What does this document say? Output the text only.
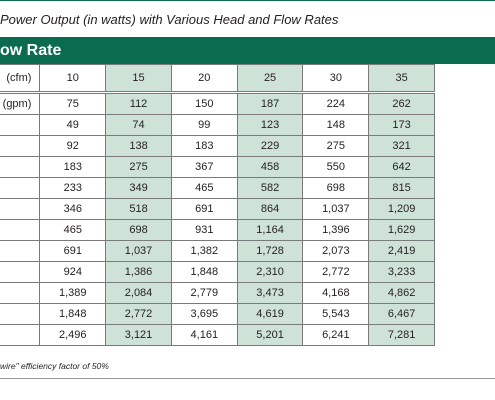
Power Output (in watts) with Various Head and Flow Rates
ow Rate
(cfm)	10	15	20	25	30	35
(gpm)	75	112	150	187	224	262
	49	74	99	123	148	173
	92	138	183	229	275	321
	183	275	367	458	550	642
	233	349	465	582	698	815
	346	518	691	864	1,037	1,209
	465	698	931	1,164	1,396	1,629
	691	1,037	1,382	1,728	2,073	2,419
	924	1,386	1,848	2,310	2,772	3,233
	1,389	2,084	2,779	3,473	4,168	4,862
	1,848	2,772	3,695	4,619	5,543	6,467
	2,496	3,121	4,161	5,201	6,241	7,281
wire" efficiency factor of 50%
